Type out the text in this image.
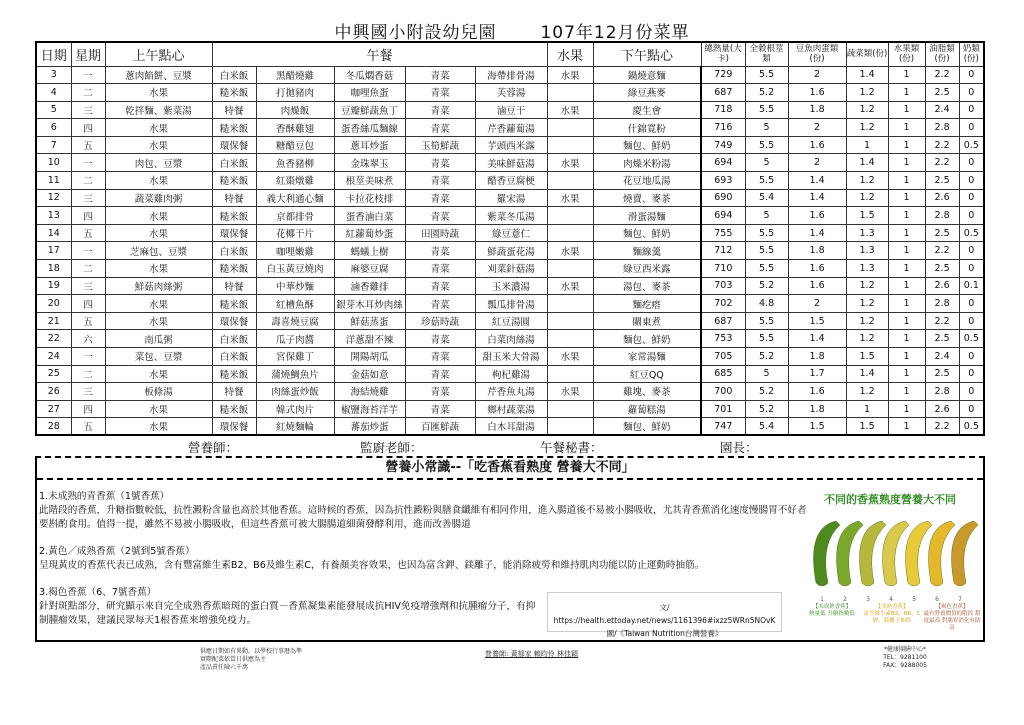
中興國小附設幼兒園	107年12月份菜單
日期	星期	上午點心	午餐					水果	下午點心	總熱量(大卡)	全穀根莖類	豆魚肉蛋類(份)	蔬菜類(份)	水果類(份)	油脂類(份)	奶類(份)
3	一	蔥肉餡餅、豆漿	白米飯	黑醋燒雞	冬瓜燜香菇	青菜	海帶排骨湯	水果	鍋燒意麵	729	5.5	2	1.4	1	2.2	0
4	二	水果	糙米飯	打拋豬肉	咖哩魚蛋	青菜	芙蓉湯		綠豆燕麥	687	5.2	1.6	1.2	1	2.5	0
5	三	乾拌麵、紫菜湯	特餐	肉燥飯	豆瓣鮮蔬魚丁	青菜	滷豆干	水果	慶生會	718	5.5	1.8	1.2	1	2.4	0
6	四	水果	糙米飯	香酥雞翅	蛋香絲瓜麵線	青菜	芹香蘿蔔湯		什錦寬粉	716	5	2	1.2	1	2.8	0
7	五	水果	環保餐	糖醋豆包	蔥耳炒蛋	玉筍鮮蔬	芋頭西米露		麵包、鮮奶	749	5.5	1.6	1	1	2.2	0.5
10	一	肉包、豆漿	白米飯	魚香豬柳	金珠翠玉	青菜	美味鮮菇湯	水果	肉燥米粉湯	694	5	2	1.4	1	2.2	0
11	二	水果	糙米飯	紅棗燉雞	根莖美味煮	青菜	醋香豆腐梗		花豆地瓜湯	693	5.5	1.4	1.2	1	2.5	0
12	三	蔬菜雞肉粥	特餐	義大利通心麵	卡拉花枝排	青菜	羅宋湯	水果	燒賣、麥茶	690	5.4	1.4	1.2	1	2.6	0
13	四	水果	糙米飯	京都排骨	蛋香滷白菜	青菜	紫菜冬瓜湯		滑蛋湯麵	694	5	1.6	1.5	1	2.8	0
14	五	水果	環保餐	花椰干片	紅蘿蔔炒蛋	田園時蔬	綠豆薏仁		麵包、鮮奶	755	5.5	1.4	1.3	1	2.5	0.5
17	一	芝麻包、豆漿	白米飯	咖哩嫩雞	螞蟻上樹	青菜	鮮蔬蛋花湯	水果	麵線羹	712	5.5	1.8	1.3	1	2.2	0
18	二	水果	糙米飯	白玉黃豆燒肉	麻婆豆腐	青菜	刈菜針菇湯		綠豆西米露	710	5.5	1.6	1.3	1	2.5	0
19	三	鮮菇肉絲粥	特餐	中華炒麵	滷香雞排	青菜	玉米濃湯	水果	湯包、麥茶	703	5.2	1.6	1.2	1	2.6	0.1
20	四	水果	糙米飯	紅槽魚酥	銀芽木耳炒肉絲	青菜	瓢瓜排骨湯		麵疙瘩	702	4.8	2	1.2	1	2.8	0
21	五	水果	環保餐	壽喜燒豆腐	鮮菇蒸蛋	珍菇時蔬	紅豆湯圓		關東煮	687	5.5	1.5	1.2	1	2.2	0
22	六	南瓜粥	白米飯	瓜子肉醬	洋蔥甜不辣	青菜	白菜肉絲湯		麵包、鮮奶	753	5.5	1.4	1.2	1	2.5	0.5
24	一	菜包、豆漿	白米飯	宮保雞丁	開陽胡瓜	青菜	甜玉米大骨湯	水果	家常湯麵	705	5.2	1.8	1.5	1	2.4	0
25	二	水果	糙米飯	蒲燒鯛魚片	金菇如意	青菜	枸杞雞湯		紅豆QQ	685	5	1.7	1.4	1	2.5	0
26	三	板條湯	特餐	肉絲蛋炒飯	海結燒雞	青菜	芹香魚丸湯	水果	雞塊、麥茶	700	5.2	1.6	1.2	1	2.8	0
27	四	水果	糙米飯	韓式肉片	椒鹽海苔洋芋	青菜	鄉村蔬菜湯		蘿蔔糕湯	701	5.2	1.8	1	1	2.6	0
28	五	水果	環保餐	紅燒麵輪	蕃茄炒蛋	百匯鮮蔬	白木耳甜湯		麵包、鮮奶	747	5.4	1.5	1.5	1	2.2	0.5
營養師：	監廚老師：	午餐秘書：	園長：
營養小常識--「吃香蕉看熟度 營養大不同」
1.未成熟的青香蕉（1號香蕉）
此階段的香蕉，升糖指數較低，抗性澱粉含量也高於其他香蕉。這時候的香蕉，因為抗性澱粉與膳食纖維有相同作用，進入腸道後不易被小腸吸收，尤其青香蕉消化速度慢腸胃不好者要斟酌食用。值得一提，雖然不易被小腸吸收，但這些香蕉可被大腸腸道細菌發酵利用，進而改善腸道
2.黃色／成熟香蕉（2號到5號香蕉）
呈現黃皮的香蕉代表已成熟，含有豐富維生素B2、B6及維生素C，有養顏美容效果，也因為富含鉀、鎂離子，能消除疲勞和維持肌肉功能以防止運動時抽筋。
3.褐色香蕉（6、7號香蕉）
針對斑點部分，研究顯示來自完全成熟香蕉暗斑的蛋白質－香蕉凝集素能發展成抗HIV免疫增強劑和抗腫瘤分子，有抑制腫瘤效果，建議民眾每天1根香蕉來增強免疫力。
文/ https://health.ettoday.net/news/1161396#ixzz5WRn5NOvK
圖/《Taiwan Nutrition台灣營養》
不同的香蕉熟度營養大不同
1	2	3	4	5	6	7
【未成熟香蕉】
熱量低 升糖指數低
【成熟香蕉】
富含維生素B2、B6、C 鉀、鎂離子抽筋
【褐色香蕉】
最有營養價值的階段 甜度最高 對腸胃消化有助益
供應日期如有異動，以學校行事曆為準
實際配菜依當日供應為主
產品責任險六千萬
營養師: 黃郁家 賴昀伶 林佳穎
*健康團膳中心*
TEL：9281100
FAX：9288005
